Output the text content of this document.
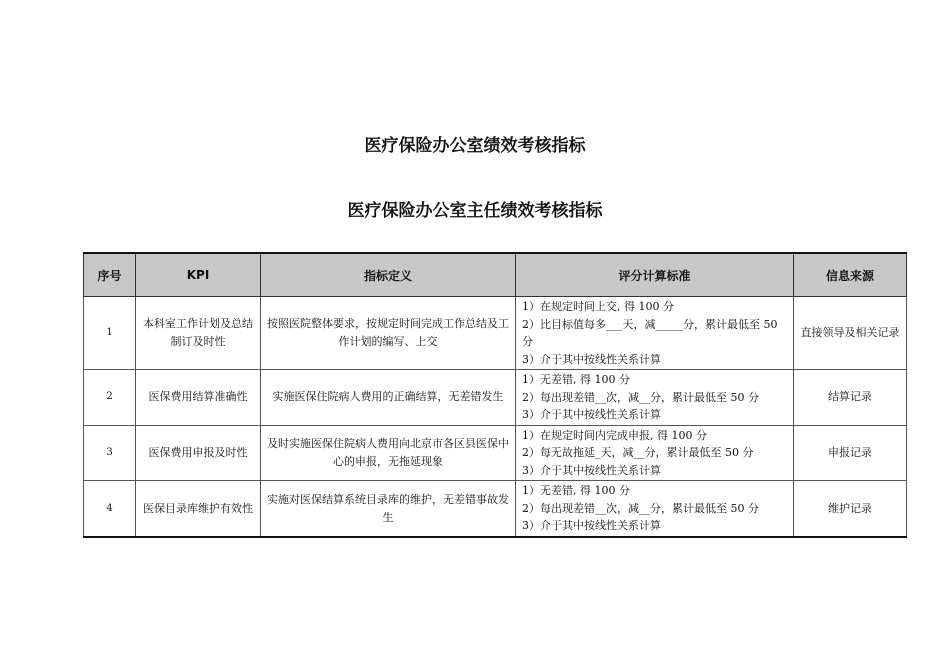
医疗保险办公室绩效考核指标
医疗保险办公室主任绩效考核指标
序号	KPI	指标定义	评分计算标准	信息来源
1	本科室工作计划及总结制订及时性	按照医院整体要求，按规定时间完成工作总结及工作计划的编写、上交	1）在规定时间上交, 得 100 分
2）比目标值每多___天，减_____分，累计最低至 50 分
3）介于其中按线性关系计算	直接领导及相关记录
2	医保费用结算准确性	实施医保住院病人费用的正确结算，无差错发生	1）无差错, 得 100 分
2）每出现差错__次，减__分，累计最低至 50 分
3）介于其中按线性关系计算	结算记录
3	医保费用申报及时性	及时实施医保住院病人费用向北京市各区县医保中心的申报，无拖延现象	1）在规定时间内完成申报, 得 100 分
2）每无故拖延_天，减__分，累计最低至 50 分
3）介于其中按线性关系计算	申报记录
4	医保目录库维护有效性	实施对医保结算系统目录库的维护，无差错事故发生	1）无差错, 得 100 分
2）每出现差错__次，减__分，累计最低至 50 分
3）介于其中按线性关系计算	维护记录
